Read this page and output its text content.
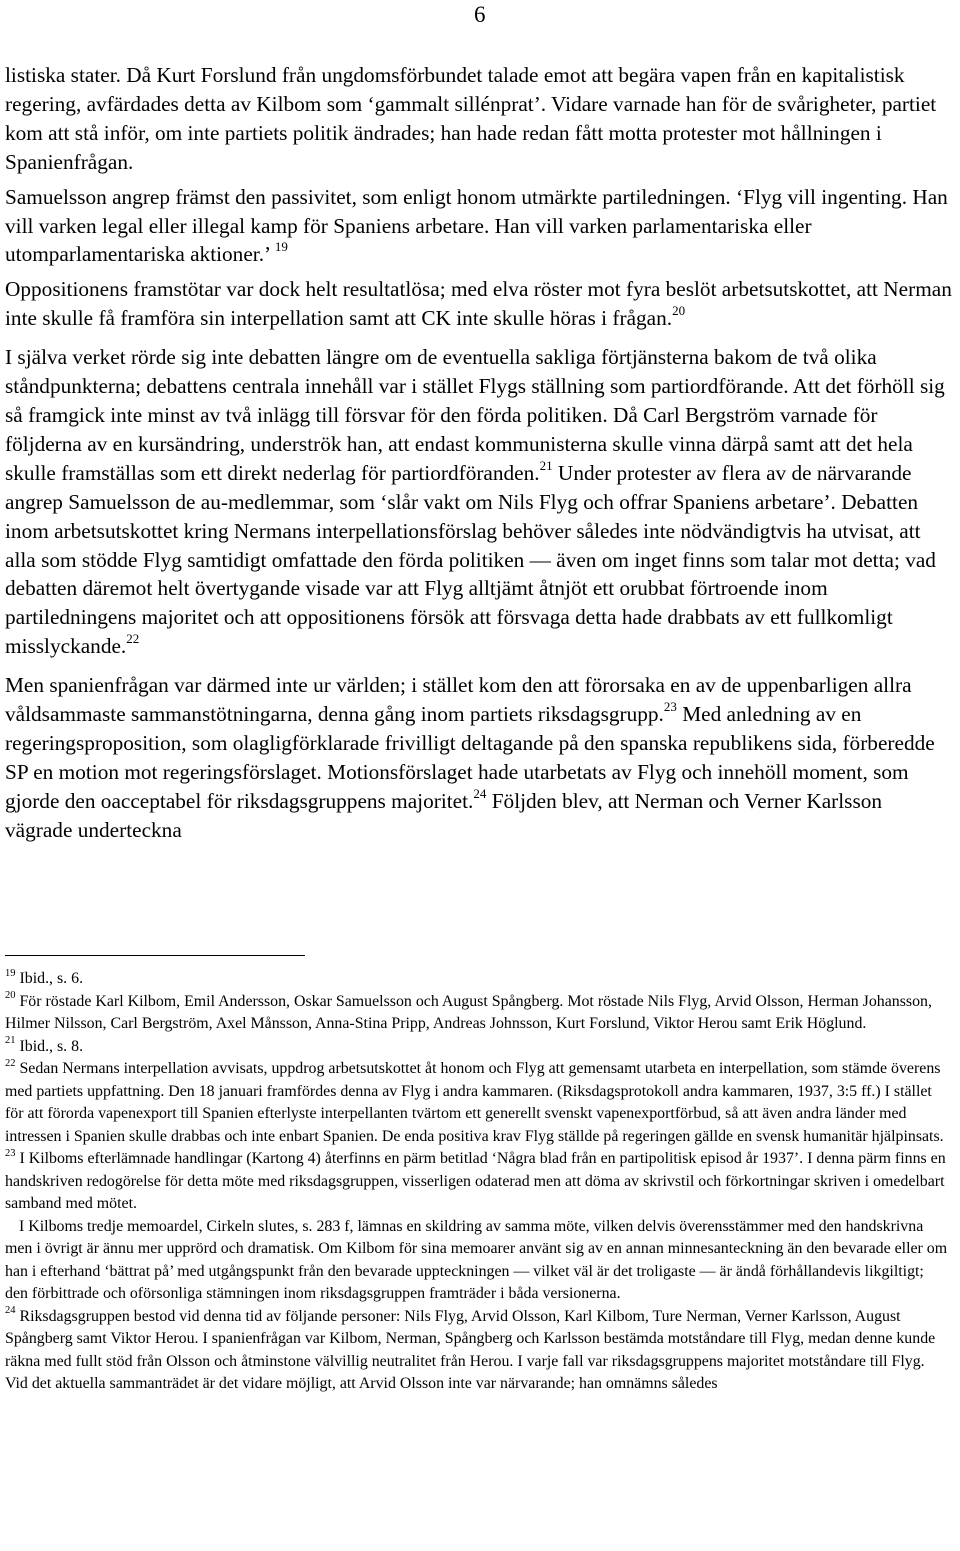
6

listiska stater. Då Kurt Forslund från ungdomsförbundet talade emot att begära vapen från en kapitalistisk regering, avfärdades detta av Kilbom som ‘gammalt sillénprat’. Vidare varnade han för de svårigheter, partiet kom att stå inför, om inte partiets politik ändrades; han hade redan fått motta protester mot hållningen i Spanienfrågan.

Samuelsson angrep främst den passivitet, som enligt honom utmärkte partiledningen. ‘Flyg vill ingenting. Han vill varken legal eller illegal kamp för Spaniens arbetare. Han vill varken parlamentariska eller utomparlamentariska aktioner.’ $^{19}$

Oppositionens framstötar var dock helt resultatlösa; med elva röster mot fyra beslöt arbetsutskottet, att Nerman inte skulle få framföra sin interpellation samt att CK inte skulle höras i frågan.$^{20}$

I själva verket rörde sig inte debatten längre om de eventuella sakliga förtjänsterna bakom de två olika ståndpunkterna; debattens centrala innehåll var i stället Flygs ställning som partiordförande. Att det förhöll sig så framgick inte minst av två inlägg till försvar för den förda politiken. Då Carl Bergström varnade för följderna av en kursändring, underströk han, att endast kommunisterna skulle vinna därpå samt att det hela skulle framställas som ett direkt nederlag för partiordföranden.$^{21}$ Under protester av flera av de närvarande angrep Samuelsson de au-medlemmar, som ‘slår vakt om Nils Flyg och offrar Spaniens arbetare’. Debatten inom arbetsutskottet kring Nermans interpellationsförslag behöver således inte nödvändigtvis ha utvisat, att alla som stödde Flyg samtidigt omfattade den förda politiken — även om inget finns som talar mot detta; vad debatten däremot helt övertygande visade var att Flyg alltjämt åtnjöt ett orubbat förtroende inom partiledningens majoritet och att oppositionens försök att försvaga detta hade drabbats av ett fullkomligt misslyckande.$^{22}$

Men spanienfrågan var därmed inte ur världen; i stället kom den att förorsaka en av de uppenbarligen allra våldsammaste sammanstötningarna, denna gång inom partiets riksdagsgrupp.$^{23}$ Med anledning av en regeringsproposition, som olagligförklarade frivilligt deltagande på den spanska republikens sida, förberedde SP en motion mot regeringsförslaget. Motionsförslaget hade utarbetats av Flyg och innehöll moment, som gjorde den oacceptabel för riksdagsgruppens majoritet.$^{24}$ Följden blev, att Nerman och Verner Karlsson vägrade underteckna

$^{19}$ Ibid., s. 6.

$^{20}$ För röstade Karl Kilbom, Emil Andersson, Oskar Samuelsson och August Spångberg. Mot röstade Nils Flyg, Arvid Olsson, Herman Johansson, Hilmer Nilsson, Carl Bergström, Axel Månsson, Anna-Stina Pripp, Andreas Johnsson, Kurt Forslund, Viktor Herou samt Erik Höglund.

$^{21}$ Ibid., s. 8.

$^{22}$ Sedan Nermans interpellation avvisats, uppdrog arbetsutskottet åt honom och Flyg att gemensamt utarbeta en interpellation, som stämde överens med partiets uppfattning. Den 18 januari framfördes denna av Flyg i andra kammaren. (Riksdagsprotokoll andra kammaren, 1937, 3:5 ff.) I stället för att förorda vapenexport till Spanien efterlyste interpellanten tvärtom ett generellt svenskt vapenexportförbud, så att även andra länder med intressen i Spanien skulle drabbas och inte enbart Spanien. De enda positiva krav Flyg ställde på regeringen gällde en svensk humanitär hjälpinsats.

$^{23}$ I Kilboms efterlämnade handlingar (Kartong 4) återfinns en pärm betitlad ‘Några blad från en partipolitisk episod år 1937’. I denna pärm finns en handskriven redogörelse för detta möte med riksdagsgruppen, visserligen odaterad men att döma av skrivstil och förkortningar skriven i omedelbart samband med mötet.

I Kilboms tredje memoardel, Cirkeln slutes, s. 283 f, lämnas en skildring av samma möte, vilken delvis överensstämmer med den handskrivna men i övrigt är ännu mer upprörd och dramatisk. Om Kilbom för sina memoarer använt sig av en annan minnesanteckning än den bevarade eller om han i efterhand ‘bättrat på’ med utgångspunkt från den bevarade uppteckningen — vilket väl är det troligaste — är ändå förhållandevis likgiltigt; den förbittrade och oförsonliga stämningen inom riksdagsgruppen framträder i båda versionerna.

$^{24}$ Riksdagsgruppen bestod vid denna tid av följande personer: Nils Flyg, Arvid Olsson, Karl Kilbom, Ture Nerman, Verner Karlsson, August Spångberg samt Viktor Herou. I spanienfrågan var Kilbom, Nerman, Spångberg och Karlsson bestämda motståndare till Flyg, medan denne kunde räkna med fullt stöd från Olsson och åtminstone välvillig neutralitet från Herou. I varje fall var riksdagsgruppens majoritet motståndare till Flyg. Vid det aktuella sammanträdet är det vidare möjligt, att Arvid Olsson inte var närvarande; han omnämns således
